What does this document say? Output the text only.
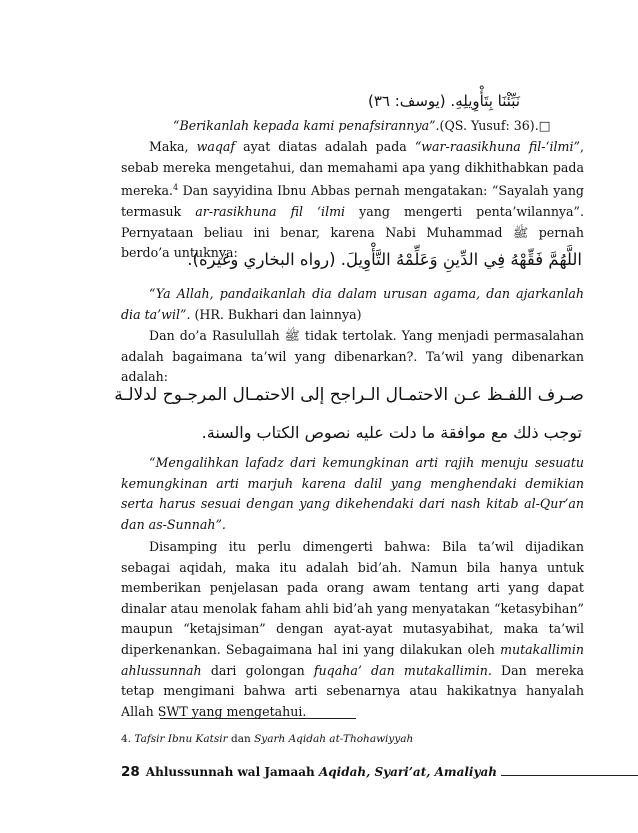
نَبِّئْنَا بِتَأْوِيلِهِ. (يوسف: ٣٦)
“Berikanlah kepada kami penafsirannya”.(QS. Yusuf: 36).□
Maka, waqaf ayat diatas adalah pada “war-raasikhuna fil-‘ilmi”, sebab mereka mengetahui, dan memahami apa yang dikhithabkan pada mereka.$^4$ Dan sayyidina Ibnu Abbas pernah mengatakan: “Sayalah yang termasuk ar-rasikhuna fil ‘ilmi yang mengerti penta’wilannya”. Pernyataan beliau ini benar, karena Nabi Muhammad ﷺ pernah berdo’a untuknya:
اللَّهُمَّ فَقِّهْهُ فِي الدِّينِ وَعَلِّمْهُ التَّأْوِيلَ. (رواه البخاري وغيره).
“Ya Allah, pandaikanlah dia dalam urusan agama, dan ajarkanlah dia ta’wil”. (HR. Bukhari dan lainnya)
Dan do’a Rasulullah ﷺ tidak tertolak. Yang menjadi permasalahan adalah bagaimana ta’wil yang dibenarkan?. Ta’wil yang dibenarkan adalah:
صـرف اللفـظ عـن الاحتمـال الـراجح إلى الاحتمـال المرجـوح لدلالـة
توجب ذلك مع موافقة ما دلت عليه نصوص الكتاب والسنة.
“Mengalihkan lafadz dari kemungkinan arti rajih menuju sesuatu kemungkinan arti marjuh karena dalil yang menghendaki demikian serta harus sesuai dengan yang dikehendaki dari nash kitab al-Qur’an dan as-Sunnah”.
Disamping itu perlu dimengerti bahwa: Bila ta’wil dijadikan sebagai aqidah, maka itu adalah bid’ah. Namun bila hanya untuk memberikan penjelasan pada orang awam tentang arti yang dapat dinalar atau menolak faham ahli bid’ah yang menyatakan “ketasybihan” maupun “ketajsiman” dengan ayat-ayat mutasyabihat, maka ta’wil diperkenankan. Sebagaimana hal ini yang dilakukan oleh mutakallimin ahlussunnah dari golongan fuqaha’ dan mutakallimin. Dan mereka tetap mengimani bahwa arti sebenarnya atau hakikatnya hanyalah Allah SWT yang mengetahui.
4. Tafsir Ibnu Katsir dan Syarh Aqidah at-Thohawiyyah
28 Ahlussunnah wal Jamaah Aqidah, Syari’at, Amaliyah
